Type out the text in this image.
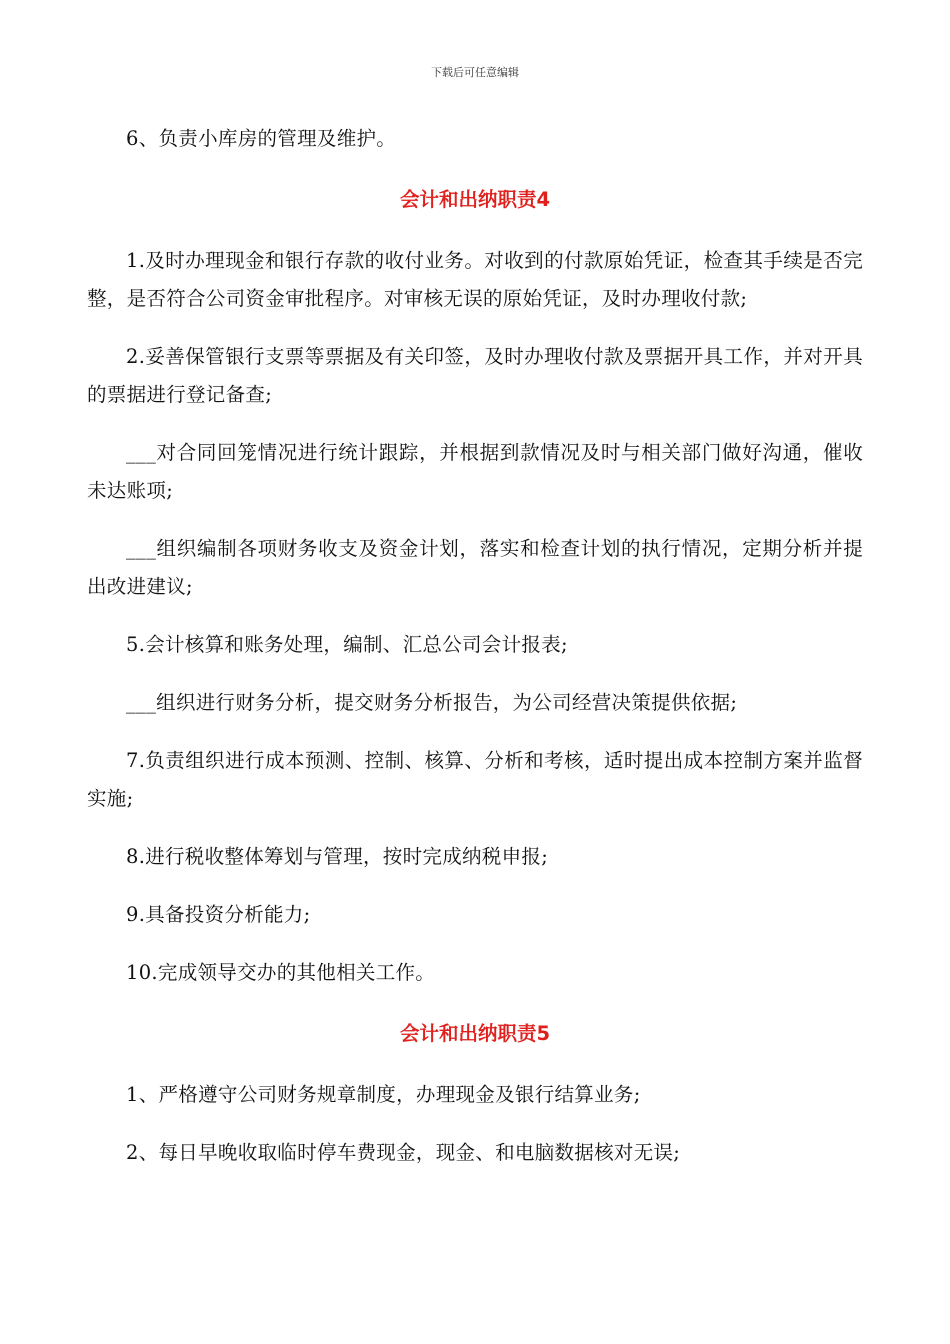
下载后可任意编辑

6、负责小库房的管理及维护。

会计和出纳职责4

1.及时办理现金和银行存款的收付业务。对收到的付款原始凭证，检查其手续是否完整，是否符合公司资金审批程序。对审核无误的原始凭证，及时办理收付款;

2.妥善保管银行支票等票据及有关印签，及时办理收付款及票据开具工作，并对开具的票据进行登记备查;

___对合同回笼情况进行统计跟踪，并根据到款情况及时与相关部门做好沟通，催收未达账项;

___组织编制各项财务收支及资金计划，落实和检查计划的执行情况，定期分析并提出改进建议;

5.会计核算和账务处理，编制、汇总公司会计报表;

___组织进行财务分析，提交财务分析报告，为公司经营决策提供依据;

7.负责组织进行成本预测、控制、核算、分析和考核，适时提出成本控制方案并监督实施;

8.进行税收整体筹划与管理，按时完成纳税申报;

9.具备投资分析能力;

10.完成领导交办的其他相关工作。

会计和出纳职责5

1、严格遵守公司财务规章制度，办理现金及银行结算业务;

2、每日早晚收取临时停车费现金，现金、和电脑数据核对无误;
